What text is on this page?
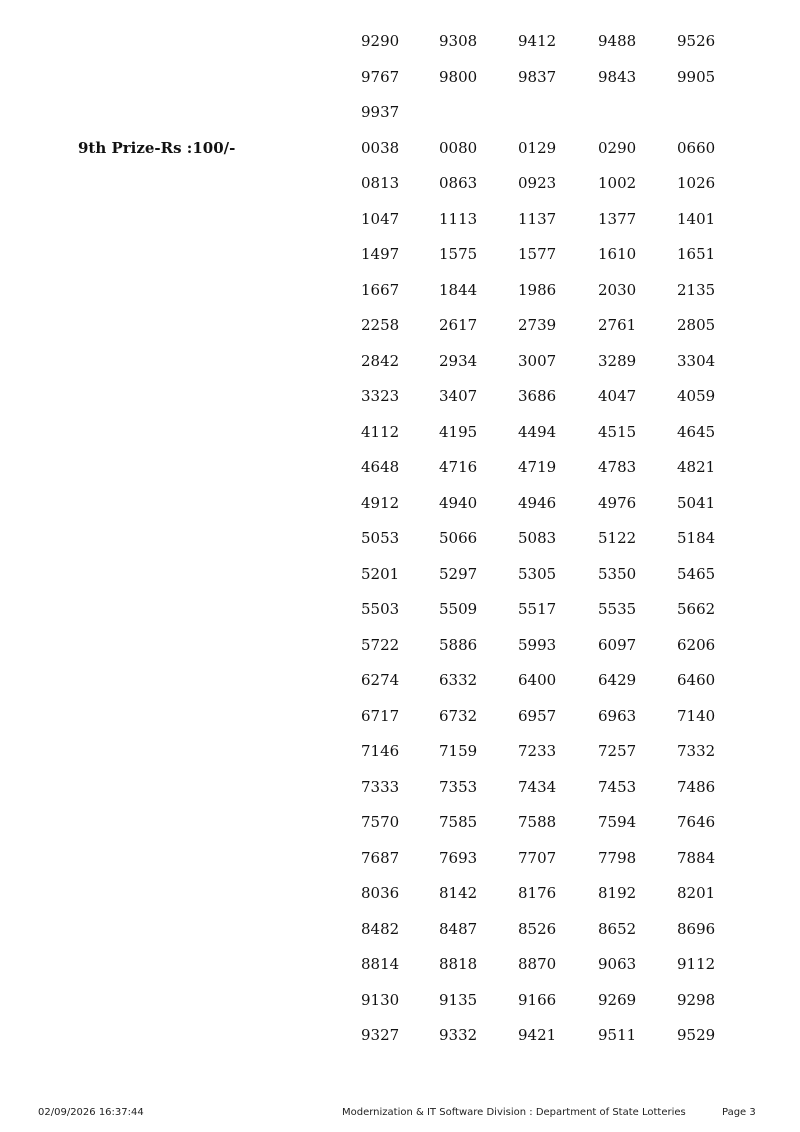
9290	9308	9412	9488	9526
9767	9800	9837	9843	9905
9937
9th Prize-Rs :100/-	0038	0080	0129	0290	0660
0813	0863	0923	1002	1026
1047	1113	1137	1377	1401
1497	1575	1577	1610	1651
1667	1844	1986	2030	2135
2258	2617	2739	2761	2805
2842	2934	3007	3289	3304
3323	3407	3686	4047	4059
4112	4195	4494	4515	4645
4648	4716	4719	4783	4821
4912	4940	4946	4976	5041
5053	5066	5083	5122	5184
5201	5297	5305	5350	5465
5503	5509	5517	5535	5662
5722	5886	5993	6097	6206
6274	6332	6400	6429	6460
6717	6732	6957	6963	7140
7146	7159	7233	7257	7332
7333	7353	7434	7453	7486
7570	7585	7588	7594	7646
7687	7693	7707	7798	7884
8036	8142	8176	8192	8201
8482	8487	8526	8652	8696
8814	8818	8870	9063	9112
9130	9135	9166	9269	9298
9327	9332	9421	9511	9529
02/09/2026 16:37:44	Modernization & IT Software Division : Department of State Lotteries	Page 3
